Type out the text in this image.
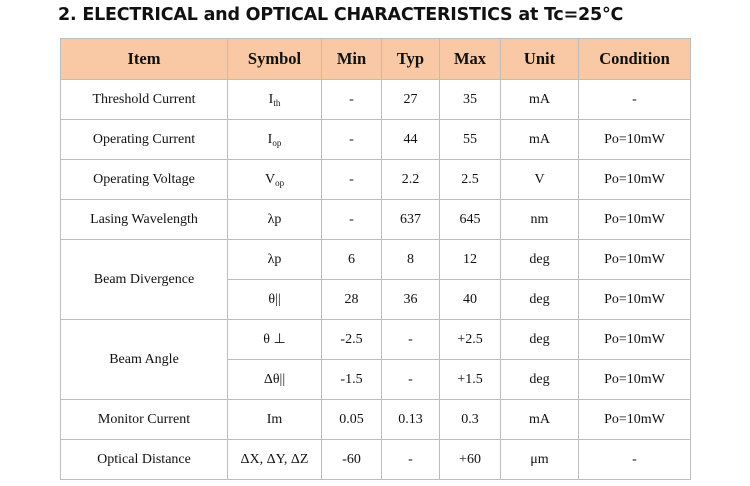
2. ELECTRICAL and OPTICAL CHARACTERISTICS at Tc=25°C
Item	Symbol	Min	Typ	Max	Unit	Condition
Threshold Current	$I_{th}$	-	27	35	mA	-
Operating Current	$I_{op}$	-	44	55	mA	Po=10mW
Operating Voltage	$V_{op}$	-	2.2	2.5	V	Po=10mW
Lasing Wavelength	λp	-	637	645	nm	Po=10mW
Beam Divergence	λp	6	8	12	deg	Po=10mW
	θ||	28	36	40	deg	Po=10mW
Beam Angle	θ ⊥	-2.5	-	+2.5	deg	Po=10mW
	Δθ||	-1.5	-	+1.5	deg	Po=10mW
Monitor Current	Im	0.05	0.13	0.3	mA	Po=10mW
Optical Distance	ΔX, ΔY, ΔZ	-60	-	+60	μm	-
